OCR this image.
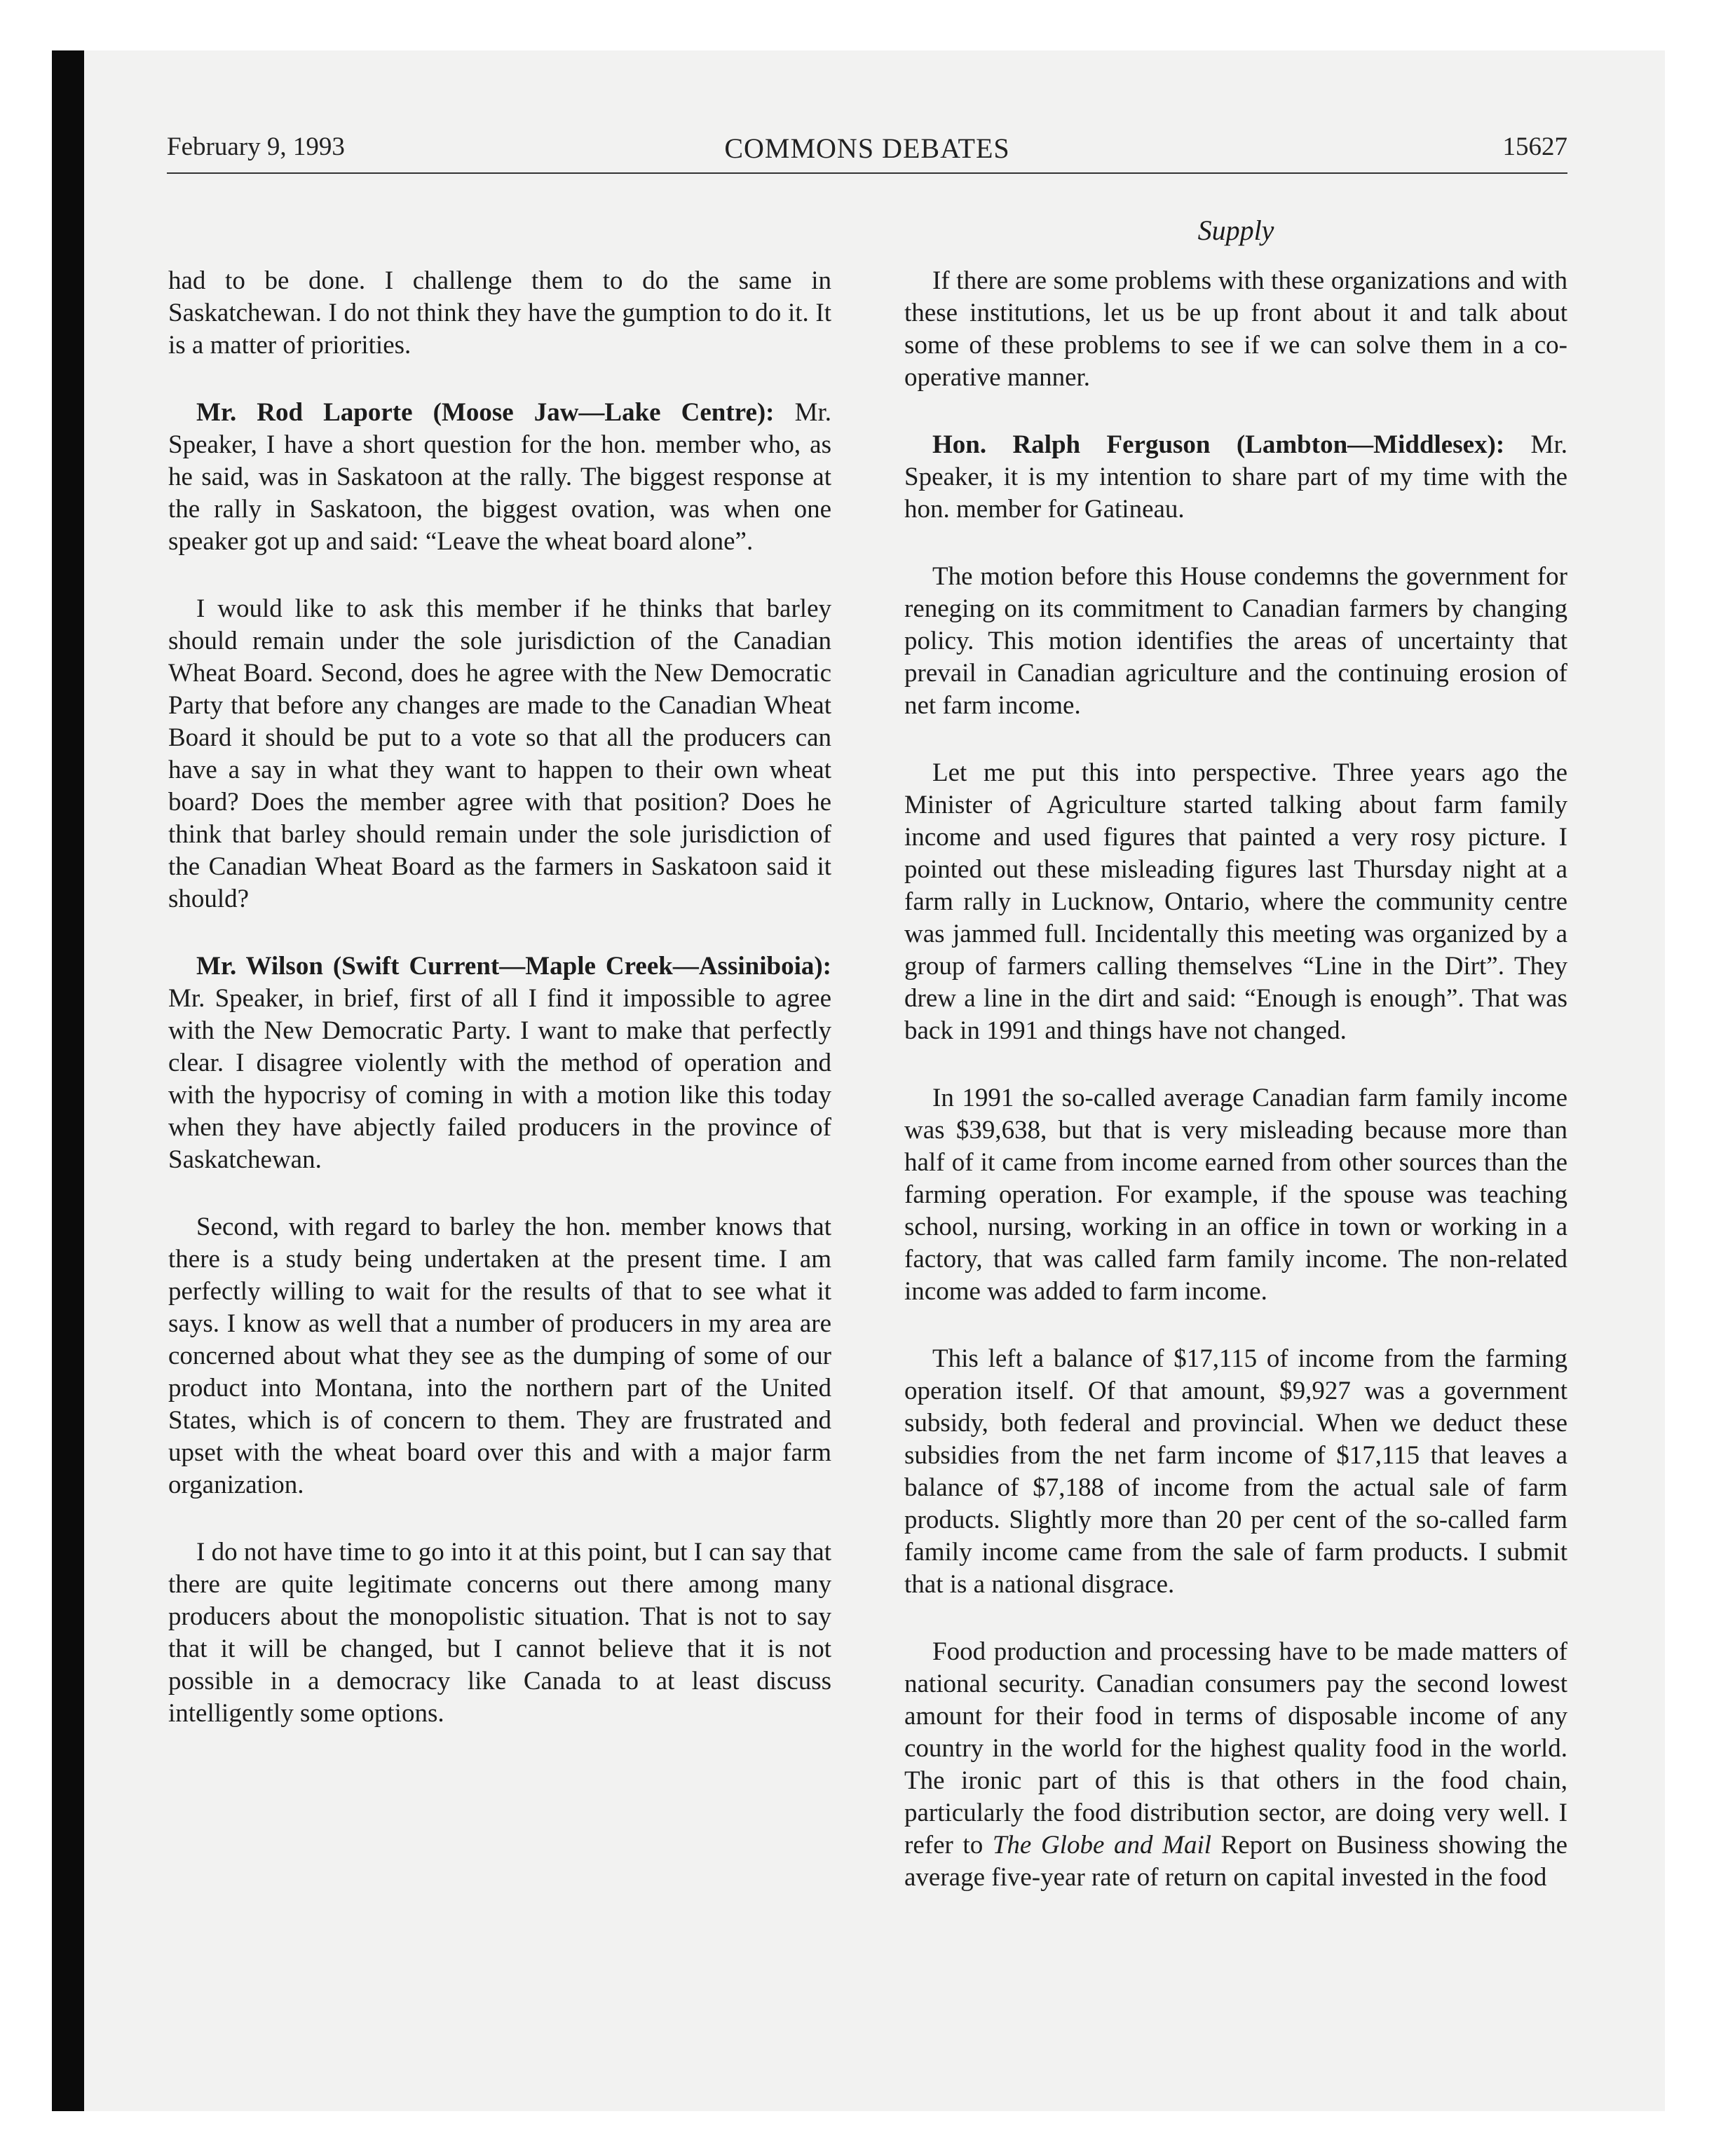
February 9, 1993	COMMONS DEBATES	15627
Supply

had to be done. I challenge them to do the same in Saskatchewan. I do not think they have the gumption to do it. It is a matter of priorities.

Mr. Rod Laporte (Moose Jaw—Lake Centre): Mr. Speaker, I have a short question for the hon. member who, as he said, was in Saskatoon at the rally. The biggest response at the rally in Saskatoon, the biggest ovation, was when one speaker got up and said: “Leave the wheat board alone”.

I would like to ask this member if he thinks that barley should remain under the sole jurisdiction of the Canadian Wheat Board. Second, does he agree with the New Democratic Party that before any changes are made to the Canadian Wheat Board it should be put to a vote so that all the producers can have a say in what they want to happen to their own wheat board? Does the member agree with that position? Does he think that barley should remain under the sole jurisdiction of the Canadian Wheat Board as the farmers in Saskatoon said it should?

Mr. Wilson (Swift Current—Maple Creek—Assiniboia): Mr. Speaker, in brief, first of all I find it impossible to agree with the New Democratic Party. I want to make that perfectly clear. I disagree violently with the method of operation and with the hypocrisy of coming in with a motion like this today when they have abjectly failed producers in the province of Saskatchewan.

Second, with regard to barley the hon. member knows that there is a study being undertaken at the present time. I am perfectly willing to wait for the results of that to see what it says. I know as well that a number of producers in my area are concerned about what they see as the dumping of some of our product into Montana, into the northern part of the United States, which is of concern to them. They are frustrated and upset with the wheat board over this and with a major farm organization.

I do not have time to go into it at this point, but I can say that there are quite legitimate concerns out there among many producers about the monopolistic situation. That is not to say that it will be changed, but I cannot believe that it is not possible in a democracy like Canada to at least discuss intelligently some options.

If there are some problems with these organizations and with these institutions, let us be up front about it and talk about some of these problems to see if we can solve them in a co-operative manner.

Hon. Ralph Ferguson (Lambton—Middlesex): Mr. Speaker, it is my intention to share part of my time with the hon. member for Gatineau.

The motion before this House condemns the government for reneging on its commitment to Canadian farmers by changing policy. This motion identifies the areas of uncertainty that prevail in Canadian agriculture and the continuing erosion of net farm income.

Let me put this into perspective. Three years ago the Minister of Agriculture started talking about farm family income and used figures that painted a very rosy picture. I pointed out these misleading figures last Thursday night at a farm rally in Lucknow, Ontario, where the community centre was jammed full. Incidentally this meeting was organized by a group of farmers calling themselves “Line in the Dirt”. They drew a line in the dirt and said: “Enough is enough”. That was back in 1991 and things have not changed.

In 1991 the so-called average Canadian farm family income was $39,638, but that is very misleading because more than half of it came from income earned from other sources than the farming operation. For example, if the spouse was teaching school, nursing, working in an office in town or working in a factory, that was called farm family income. The non-related income was added to farm income.

This left a balance of $17,115 of income from the farming operation itself. Of that amount, $9,927 was a government subsidy, both federal and provincial. When we deduct these subsidies from the net farm income of $17,115 that leaves a balance of $7,188 of income from the actual sale of farm products. Slightly more than 20 per cent of the so-called farm family income came from the sale of farm products. I submit that is a national disgrace.

Food production and processing have to be made matters of national security. Canadian consumers pay the second lowest amount for their food in terms of disposable income of any country in the world for the highest quality food in the world. The ironic part of this is that others in the food chain, particularly the food distribution sector, are doing very well. I refer to The Globe and Mail Report on Business showing the average five-year rate of return on capital invested in the food
